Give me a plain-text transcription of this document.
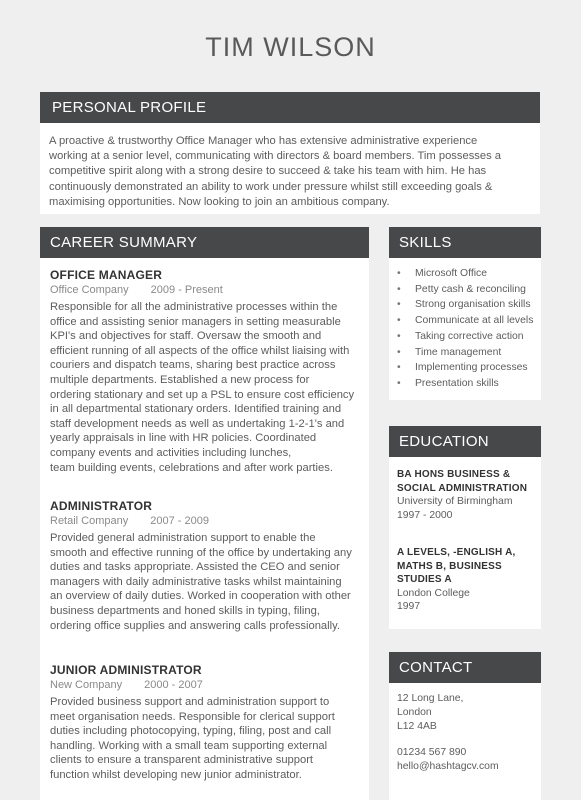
TIM WILSON
PERSONAL PROFILE
A proactive & trustworthy Office Manager who has extensive administrative experience
working at a senior level, communicating with directors & board members. Tim possesses a
competitive spirit along with a strong desire to succeed & take his team with him. He has
continuously demonstrated an ability to work under pressure whilst still exceeding goals &
maximising opportunities. Now looking to join an ambitious company.
CAREER SUMMARY
OFFICE MANAGER
Office Company 2009 - Present
Responsible for all the administrative processes within the
office and assisting senior managers in setting measurable
KPI's and objectives for staff. Oversaw the smooth and
efficient running of all aspects of the office whilst liaising with
couriers and dispatch teams, sharing best practice across
multiple departments. Established a new process for
ordering stationary and set up a PSL to ensure cost efficiency
in all departmental stationary orders. Identified training and
staff development needs as well as undertaking 1-2-1's and
yearly appraisals in line with HR policies. Coordinated
company events and activities including lunches,
team building events, celebrations and after work parties.
ADMINISTRATOR
Retail Company 2007 - 2009
Provided general administration support to enable the
smooth and effective running of the office by undertaking any
duties and tasks appropriate. Assisted the CEO and senior
managers with daily administrative tasks whilst maintaining
an overview of daily duties. Worked in cooperation with other
business departments and honed skills in typing, filing,
ordering office supplies and answering calls professionally.
JUNIOR ADMINISTRATOR
New Company 2000 - 2007
Provided business support and administration support to
meet organisation needs. Responsible for clerical support
duties including photocopying, typing, filing, post and call
handling. Working with a small team supporting external
clients to ensure a transparent administrative support
function whilst developing new junior administrator.
SKILLS
• Microsoft Office
• Petty cash & reconciling
• Strong organisation skills
• Communicate at all levels
• Taking corrective action
• Time management
• Implementing processes
• Presentation skills
EDUCATION
BA HONS BUSINESS &
SOCIAL ADMINISTRATION
University of Birmingham
1997 - 2000
A LEVELS, -ENGLISH A,
MATHS B, BUSINESS
STUDIES A
London College
1997
CONTACT
12 Long Lane,
London
L12 4AB
01234 567 890
hello@hashtagcv.com
